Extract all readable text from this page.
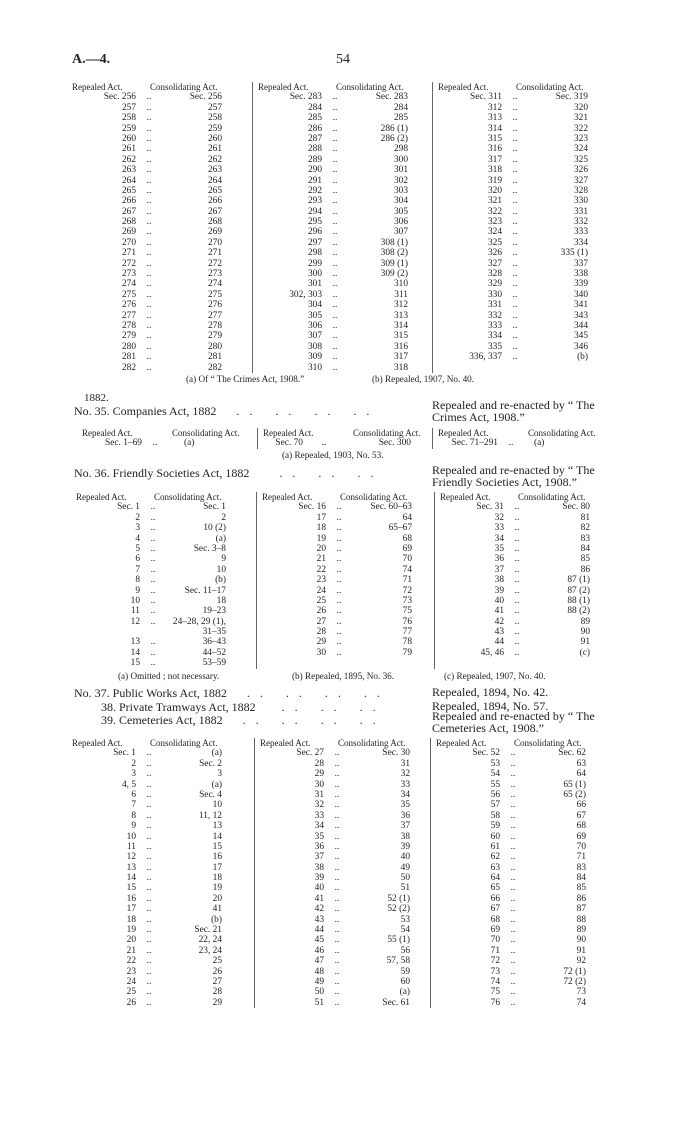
A.—4.	54
Repealed Act.	Consolidating Act.
Sec. 256	..	Sec. 256
257	..	257
258	..	258
259	..	259
260	..	260
261	..	261
262	..	262
263	..	263
264	..	264
265	..	265
266	..	266
267	..	267
268	..	268
269	..	269
270	..	270
271	..	271
272	..	272
273	..	273
274	..	274
275	..	275
276	..	276
277	..	277
278	..	278
279	..	279
280	..	280
281	..	281
282	..	282
Repealed Act.	Consolidating Act.
Sec. 283	..	Sec. 283
284	..	284
285	..	285
286	..	286 (1)
287	..	286 (2)
288	..	298
289	..	300
290	..	301
291	..	302
292	..	303
293	..	304
294	..	305
295	..	306
296	..	307
297	..	308 (1)
298	..	308 (2)
299	..	309 (1)
300	..	309 (2)
301	..	310
302, 303	..	311
304	..	312
305	..	313
306	..	314
307	..	315
308	..	316
309	..	317
310	..	318
Repealed Act.	Consolidating Act.
Sec. 311	..	Sec. 319
312	..	320
313	..	321
314	..	322
315	..	323
316	..	324
317	..	325
318	..	326
319	..	327
320	..	328
321	..	330
322	..	331
323	..	332
324	..	333
325	..	334
326	..	335 (1)
327	..	337
328	..	338
329	..	339
330	..	340
331	..	341
332	..	343
333	..	344
334	..	345
335	..	346
336, 337	..	(b)
(a) Of “ The Crimes Act, 1908.”	(b) Repealed, 1907, No. 40.
1882.
No. 35. Companies Act, 1882 .. .. .. ..	Repealed and re-enacted by “ The Crimes Act, 1908.”
Repealed Act.	Consolidating Act.
Sec. 1–69	..	(a)
Repealed Act.	Consolidating Act.
Sec. 70	..	Sec. 300
Repealed Act.	Consolidating Act.
Sec. 71–291	..	(a)
(a) Repealed, 1903, No. 53.
No. 36. Friendly Societies Act, 1882	.. .. ..	Repealed and re-enacted by “ The Friendly Societies Act, 1908.”
Repealed Act.	Consolidating Act.
Sec. 1	..	Sec. 1
2	..	2
3	..	10 (2)
4	..	(a)
5	..	Sec. 3–8
6	..	9
7	..	10
8	..	(b)
9	..	Sec. 11–17
10	..	18
11	..	19–23
12	..	24–28, 29 (1),
31–35
13	..	36–43
14	..	44–52
15	..	53–59
Repealed Act.	Consolidating Act.
Sec. 16	..	Sec. 60–63
17	..	64
18	..	65–67
19	..	68
20	..	69
21	..	70
22	..	74
23	..	71
24	..	72
25	..	73
26	..	75
27	..	76
28	..	77
29	..	78
30	..	79
Repealed Act.	Consolidating Act.
Sec. 31	..	Sec. 80
32	..	81
33	..	82
34	..	83
35	..	84
36	..	85
37	..	86
38	..	87 (1)
39	..	87 (2)
40	..	88 (1)
41	..	88 (2)
42	..	89
43	..	90
44	..	91
45, 46	..	(c)
(a) Omitted ; not necessary.	(b) Repealed, 1895, No. 36.	(c) Repealed, 1907, No. 40.
No. 37. Public Works Act, 1882 .. .. .. ..	Repealed, 1894, No. 42.
38. Private Tramways Act, 1882 .. .. ..	Repealed, 1894, No. 57.
39. Cemeteries Act, 1882 .. .. .. ..	Repealed and re-enacted by “ The Cemeteries Act, 1908.”
Repealed Act.	Consolidating Act.
Sec. 1	..	(a)
2	..	Sec. 2
3	..	3
4, 5	..	(a)
6	..	Sec. 4
7	..	10
8	..	11, 12
9	..	13
10	..	14
11	..	15
12	..	16
13	..	17
14	..	18
15	..	19
16	..	20
17	..	41
18	..	(b)
19	..	Sec. 21
20	..	22, 24
21	..	23, 24
22	..	25
23	..	26
24	..	27
25	..	28
26	..	29
Repealed Act.	Consolidating Act.
Sec. 27	..	Sec. 30
28	..	31
29	..	32
30	..	33
31	..	34
32	..	35
33	..	36
34	..	37
35	..	38
36	..	39
37	..	40
38	..	49
39	..	50
40	..	51
41	..	52 (1)
42	..	52 (2)
43	..	53
44	..	54
45	..	55 (1)
46	..	56
47	..	57, 58
48	..	59
49	..	60
50	..	(a)
51	..	Sec. 61
Repealed Act.	Consolidating Act.
Sec. 52	..	Sec. 62
53	..	63
54	..	64
55	..	65 (1)
56	..	65 (2)
57	..	66
58	..	67
59	..	68
60	..	69
61	..	70
62	..	71
63	..	83
64	..	84
65	..	85
66	..	86
67	..	87
68	..	88
69	..	89
70	..	90
71	..	91
72	..	92
73	..	72 (1)
74	..	72 (2)
75	..	73
76	..	74
